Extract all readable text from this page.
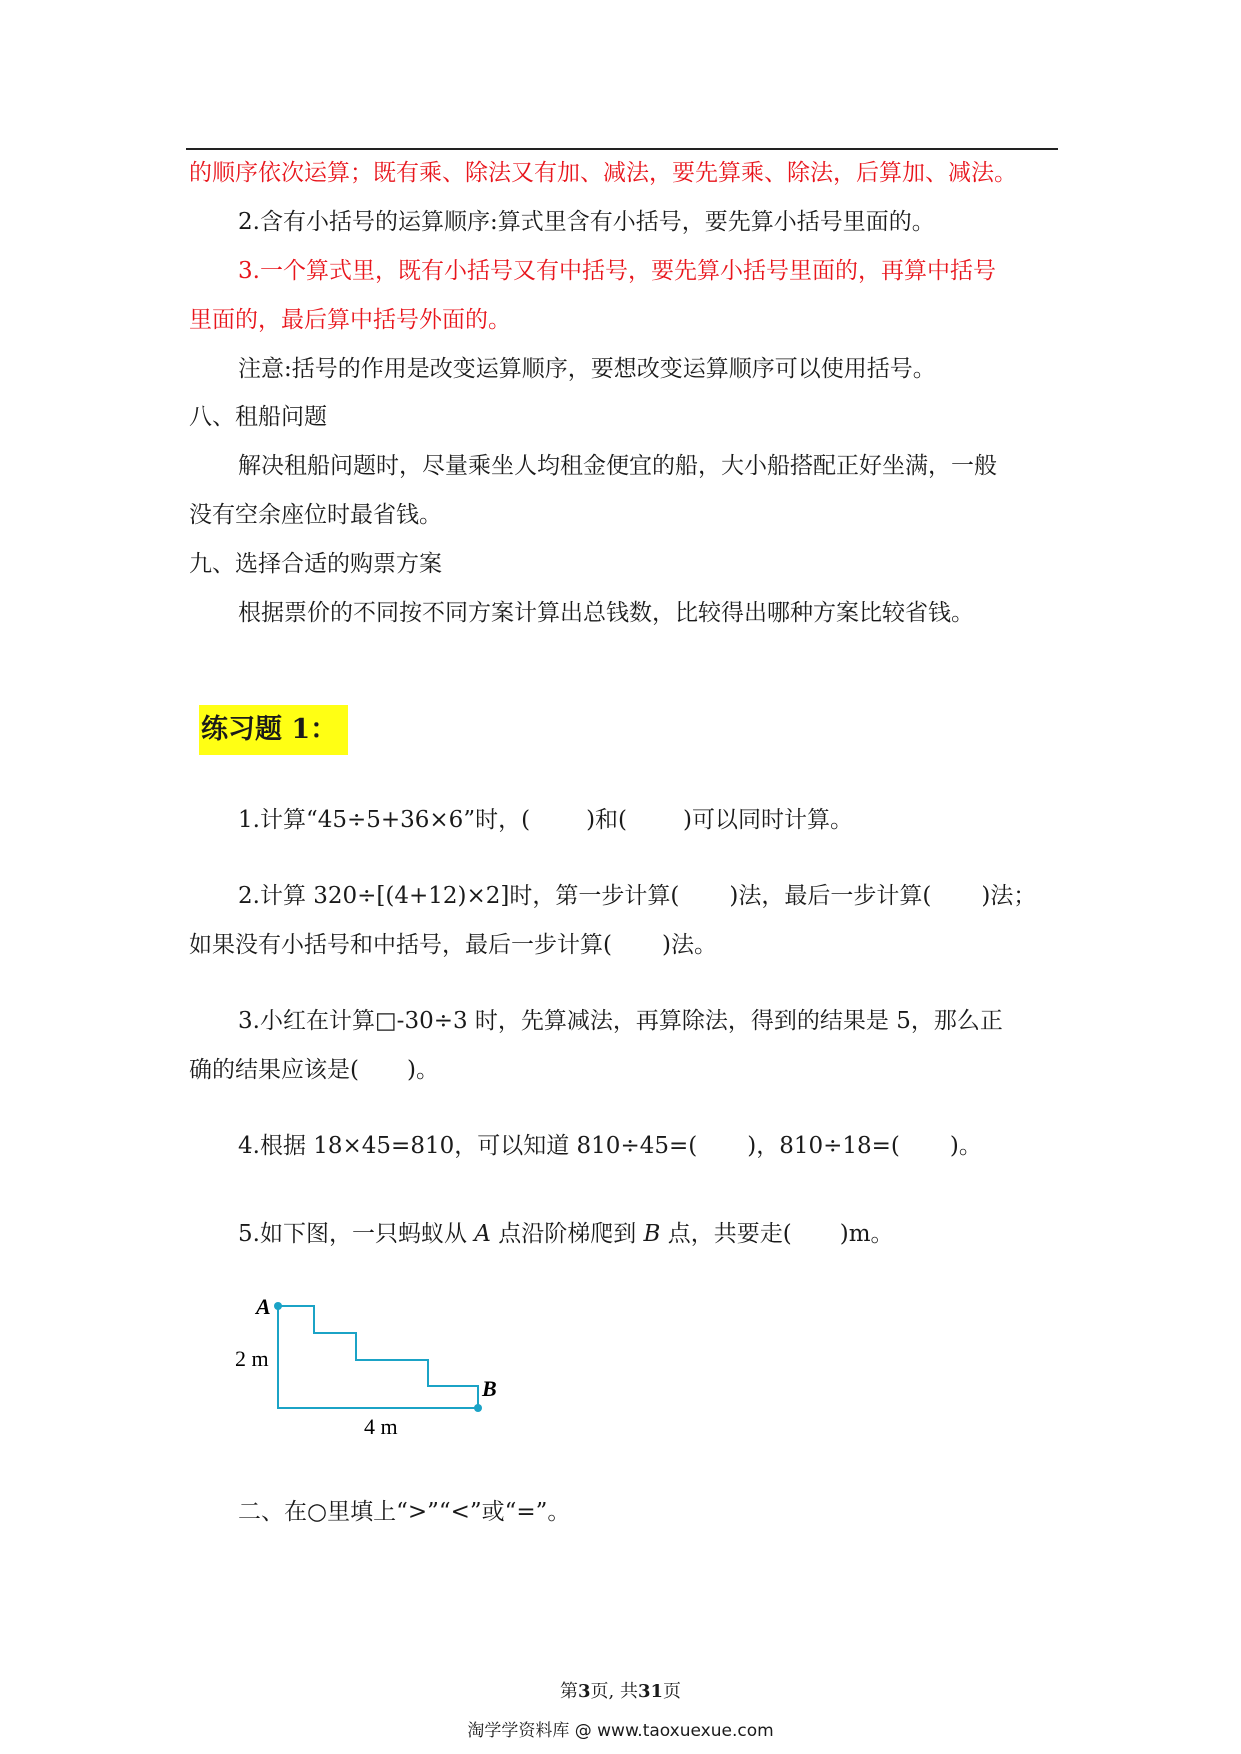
的顺序依次运算；既有乘、除法又有加、减法，要先算乘、除法，后算加、减法。
2.含有小括号的运算顺序:算式里含有小括号，要先算小括号里面的。
3.一个算式里，既有小括号又有中括号，要先算小括号里面的，再算中括号
里面的，最后算中括号外面的。
注意:括号的作用是改变运算顺序，要想改变运算顺序可以使用括号。
八、租船问题
解决租船问题时，尽量乘坐人均租金便宜的船，大小船搭配正好坐满，一般
没有空余座位时最省钱。
九、选择合适的购票方案
根据票价的不同按不同方案计算出总钱数，比较得出哪种方案比较省钱。
练习题 1：
1.计算“45÷5+36×6”时，( )和( )可以同时计算。
2.计算 320÷[(4+12)×2]时，第一步计算( )法，最后一步计算( )法；
如果没有小括号和中括号，最后一步计算( )法。
3.小红在计算□-30÷3 时，先算减法，再算除法，得到的结果是 5，那么正
确的结果应该是( )。
4.根据 18×45=810，可以知道 810÷45=( )，810÷18=( )。
5.如下图，一只蚂蚁从 A 点沿阶梯爬到 B 点，共要走( )m。
A
B
2 m
4 m
二、在○里填上“>”“<”或“=”。
第3页, 共31页
淘学学资料库 @ www.taoxuexue.com
